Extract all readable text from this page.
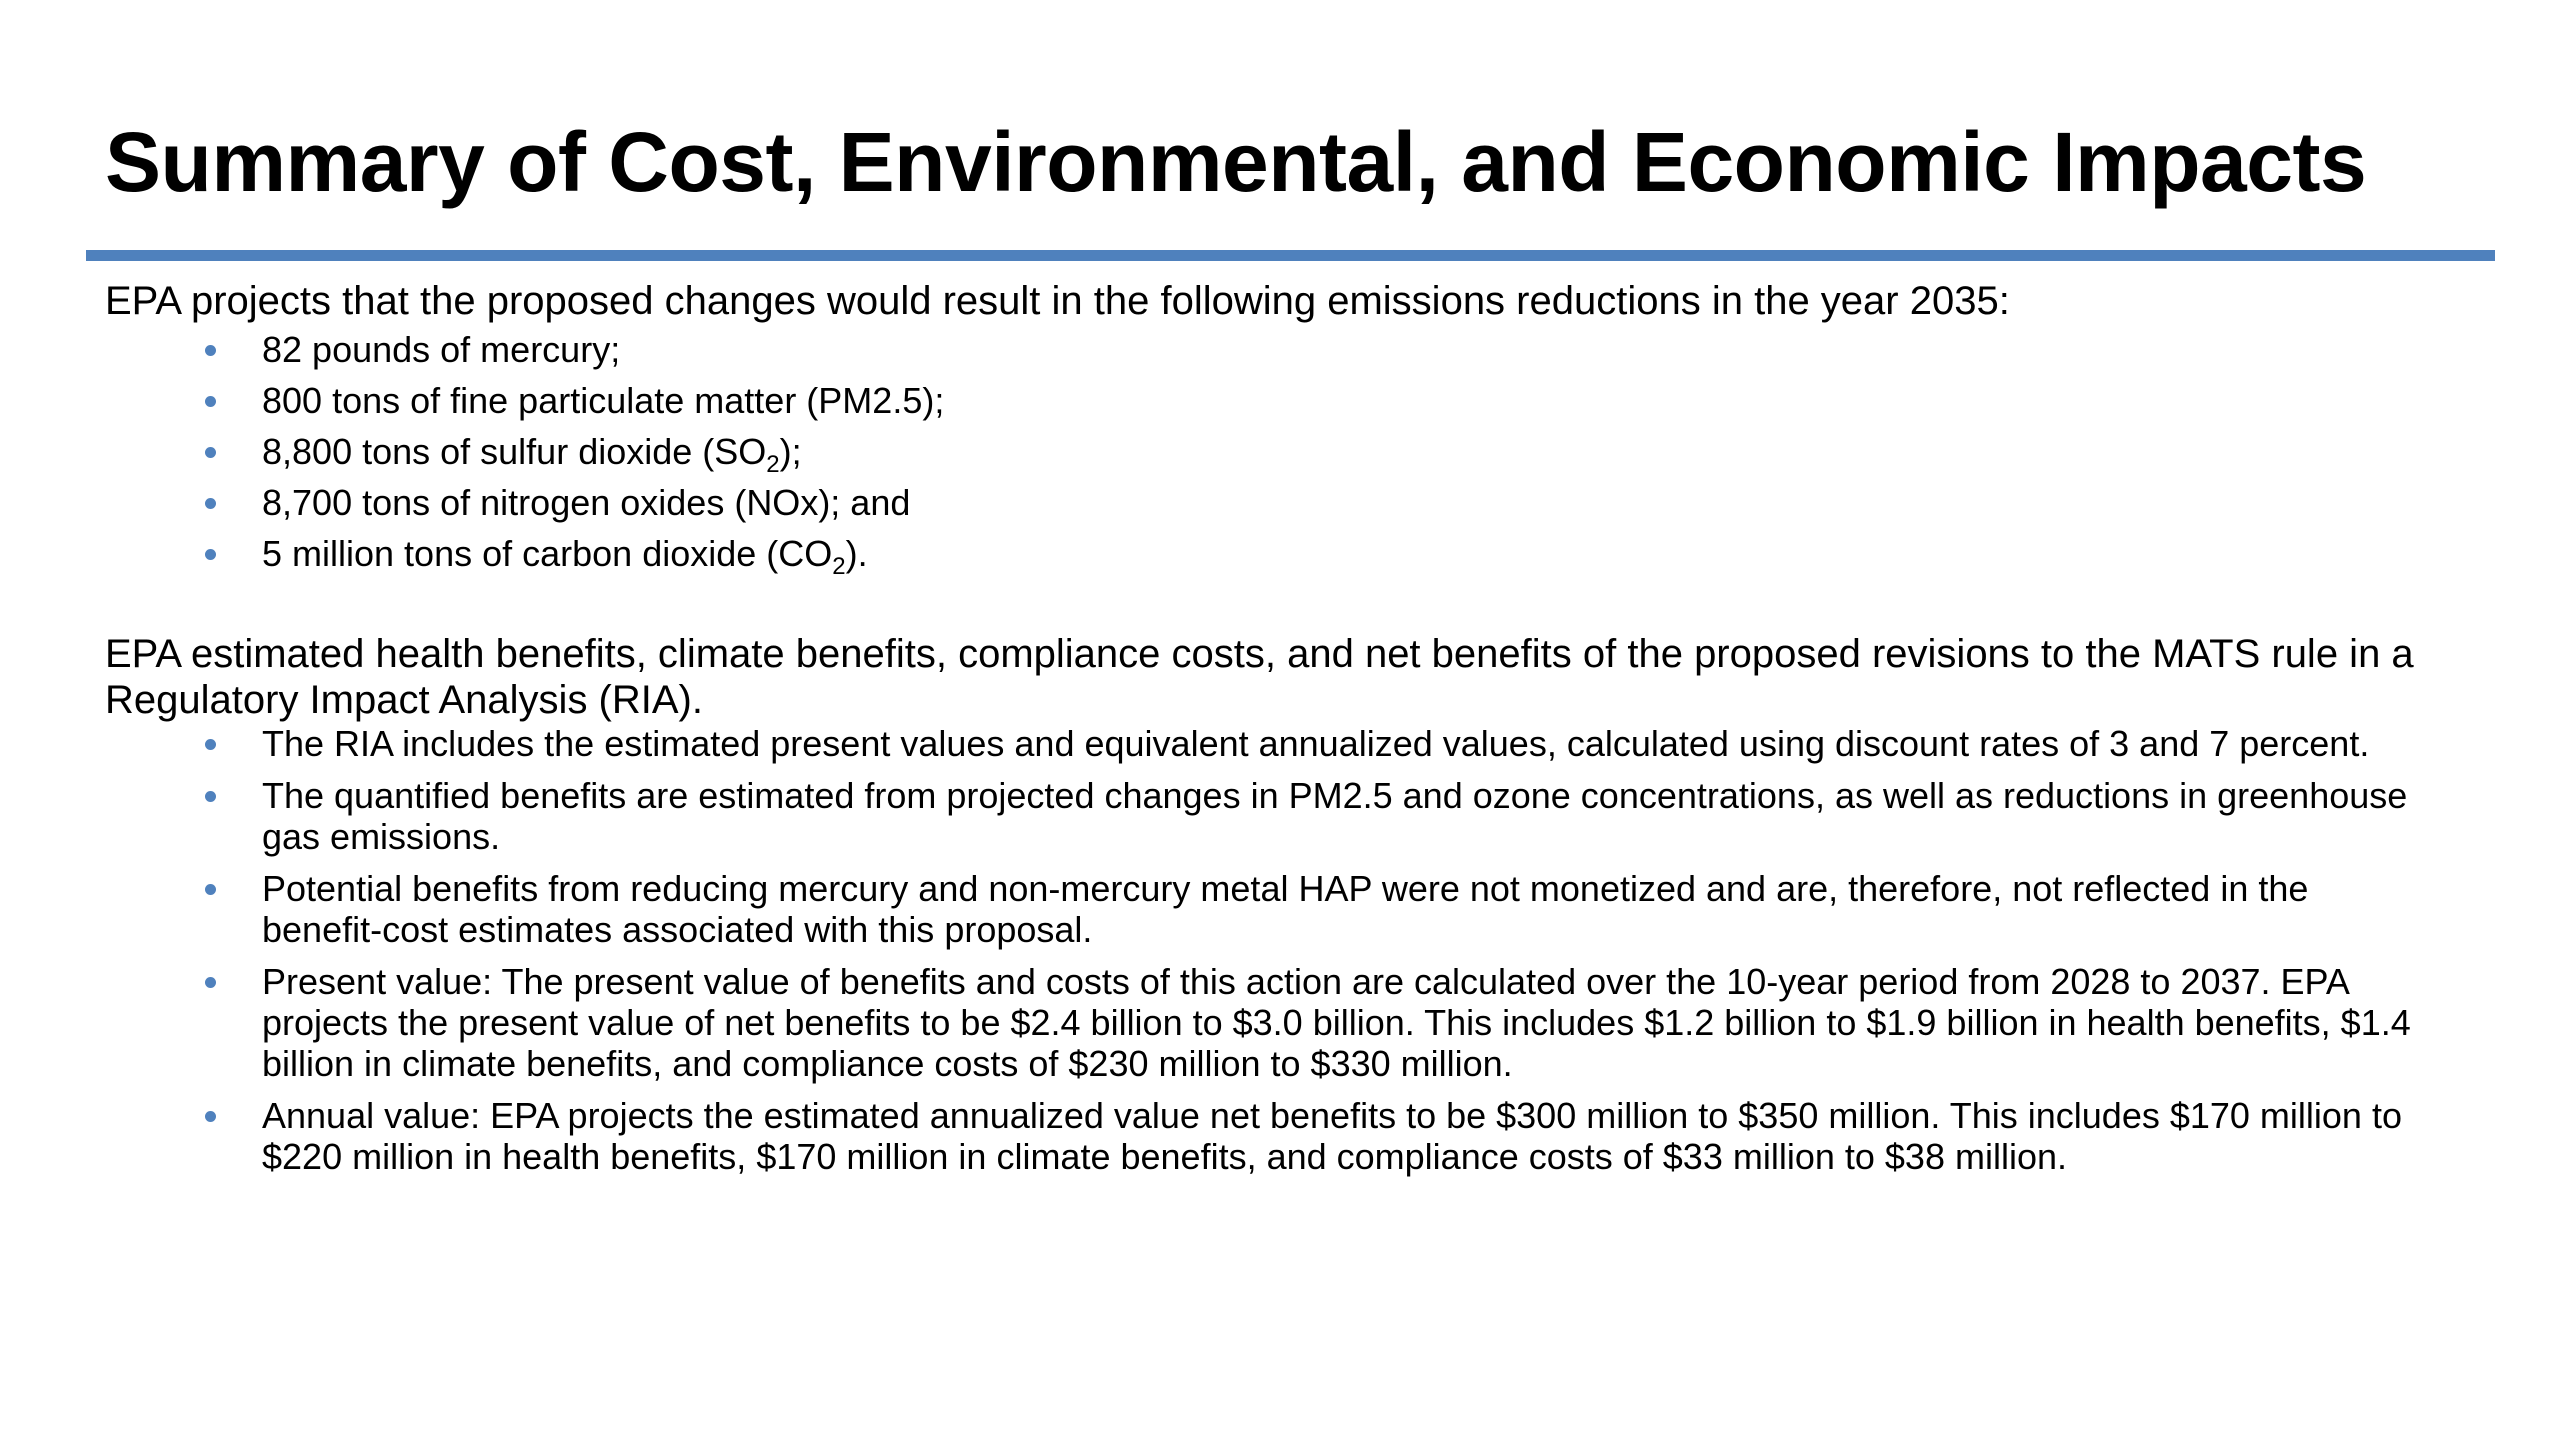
Summary of Cost, Environmental, and Economic Impacts

EPA projects that the proposed changes would result in the following emissions reductions in the year 2035:

82 pounds of mercury;
800 tons of fine particulate matter (PM2.5);
8,800 tons of sulfur dioxide $(SO_2)$;
8,700 tons of nitrogen oxides (NOx); and
5 million tons of carbon dioxide $(CO_2)$.

EPA estimated health benefits, climate benefits, compliance costs, and net benefits of the proposed revisions to the MATS rule in a Regulatory Impact Analysis (RIA).

The RIA includes the estimated present values and equivalent annualized values, calculated using discount rates of 3 and 7 percent.
The quantified benefits are estimated from projected changes in PM2.5 and ozone concentrations, as well as reductions in greenhouse gas emissions.
Potential benefits from reducing mercury and non-mercury metal HAP were not monetized and are, therefore, not reflected in the benefit-cost estimates associated with this proposal.
Present value: The present value of benefits and costs of this action are calculated over the 10-year period from 2028 to 2037. EPA projects the present value of net benefits to be $2.4 billion to $3.0 billion. This includes $1.2 billion to $1.9 billion in health benefits, $1.4 billion in climate benefits, and compliance costs of $230 million to $330 million.
Annual value: EPA projects the estimated annualized value net benefits to be $300 million to $350 million. This includes $170 million to $220 million in health benefits, $170 million in climate benefits, and compliance costs of $33 million to $38 million.
